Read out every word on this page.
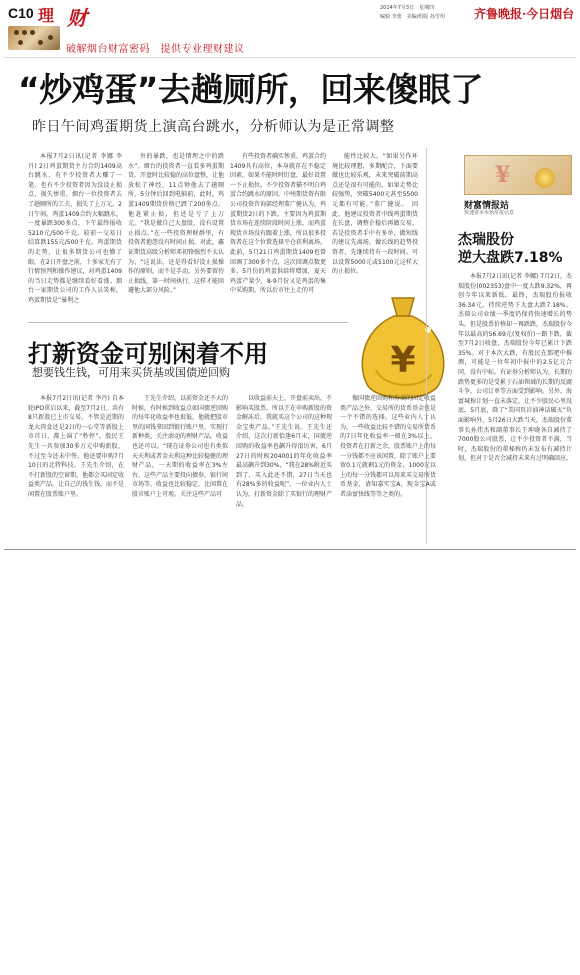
C10 理 财	2014年7月3日　星期四
编辑 李蕾　美编/组版 孙雪玥 齐鲁晚报·今日烟台
破解烟台财富密码　提供专业理财建议
“炒鸡蛋”去趟厕所，回来傻眼了
昨日午间鸡蛋期货上演高台跳水，分析师认为是正常调整

本报7月2日讯(记者 李娜 李丹) 2日鸡蛋期货主力合约1409高台跳水，有不少投资者大赚了一笔，也有不少投资者因为没设止损点，损失惨重。烟台一位投资者去了趟厕所的工夫，损失了上万元。2日午间，鸡蛋1409合约大幅跳水，一度暴跌300多点，下午最终报收5210元/500千克。较前一交易日结算跌155元/500千克。鸡蛋期货的走势，让很多期货公司也懵了眼，在2日开盘之前，十多家无有了行情预判和操作建议，对鸡蛋1409的当日走势都是继续看好看涨。烟台一家期货公司的工作人员笑称，鸡蛋期货是“暴利之

外的暴跌，也是情理之中的跌水”。烟台的投资者一直看多鸡蛋期货，开盘时比较稳的高位盘整，让他放松了神经，11点钟他去了趟厕所，5分钟后回到电脑前，此时，鸡蛋1409期货价格已跌了200多点，他赶紧止损，但还是亏了上万元。“我是做自己大盘股，没有设置止损点。”在一些投资理财群里，有投资者抱怨没有时间止损，对此，鑫证期货高级分析师邓初锋强烈不太认为，“这说法，还是得看好设止损操作的原则，而不是手动，另外要留待止损线，第一时间执行，这样才能回避他大部分风险。”

有些投资者确实惨重，鸡蛋合约1409具有高位，本身就存在不稳定因素，如果不能时时盯盘，最好设置一下止损位。不少投资者猫不明白鸡蛋合约跳水的原因，中州期货资有限公司投资咨询部经理董广健认为，鸡蛋期货2日的下跌，主要因为鸡蛋期货市场在连续阶段时间上涨，而鸡蛋现货市场没有跟着上涨，所以很多投资者在这个位置选择平仓获利离场。此前，5月21日鸡蛋期货1409也曾回调了300多个点，这次回调点数更多，5月份的鸡蛋供给将增加，夏天鸡蛋产量少，8-9月份又是鸡蛋的集中采购期，所以后市往上走的可

能性比较大。“如果另作环境比较理想，多期配合，下面要做也比较乐观，未来突破前期高点还是很有可能的，如果走势比较强势，突破5400元甚至5500元都有可能。”董广健说。　因此，他建议投资者中线鸡蛋期货在长盘，调整企稳后再做交易，若是投资者手中有多单，做短线的建议先离场，做长线的趋势投资者，先继续持有一段时间。可以设置5000元或5100元这样大的止损位。

¥
¥
财富情报站
快速资本市场常报信息
杰瑞股份
逆大盘跌7.18%

本报7月2日讯(记者 李娜) 7月2日，杰瑞股份(002353)盘中一度大跌9.32%，再创今年以来新低。最终，杰瑞股份报收36.34元，持续逆势下大盘大跌7.18%。杰瑞公司业绩一季度仍保持快速增长的势头，但是股票价格却一再跌跌，杰瑞股份今年以最高的56.69元(复权价)一路下跌，截至7月2日收盘，杰瑞股份今年已累计下跌35%。对于本次大跌，有股民在那吧中推测，可能是一位年初中报中的2.5亿元合同，没有中标。有证券分析师认为，长期的跌势更多的是受累于石油领域的长期的反腐斗争，公司订单等方面受到影响。另外，海富城称计划一直未落定，让不少股民心里没底，5月底，除了“美国页岩油神话破灭”负面影响外，5月26日大跌当天，杰瑞股份董事长孙伟杰和副董事长王坤晓各自减持了7000股公司股票，让不少投资者不满，当时，杰瑞股份的董秘称仍未发布有减持计划，但对于是否会减持未来有过明确回应。

打新资金可别闲着不用
想要钱生钱，可用来买货基或国债逆回购

本报7月2日讯(记者 李丹) 自本轮IPO重启以来，截至7月2日，共有8只新股已上市交易，不管是近期的龙大肉食还是2日的一心堂等新股上市首日，都上演了“秒停”。股民王先生一共参加30多万元申购新股，不过至今还未中签，他还要申购7月10日的北特科技。王先生介绍，在不打新股的空窗期，他都会买固定收益类产品，让自己的钱生钱，而不是闲置在股票账户里。

王先生介绍，以前资金还不大的时候，有时候到收益点如国债逆回购的每年化收益率也很低，他就把股市里的闲钱拿回到银行账户里，实现打新种类，关注滚动的理财产品，收益也还可以。“现在证券公司也有类似天天利或者金天利这种比较稳健的理财产品，一天期的收益率在3%左右，这些产品主要投向债券，银行间市场等，收益也比较稳定，比闲置在股市账户上可观。关注这些产品可

以收益前天上，开盘前卖出，不影响买股票，所以王在申购新股的资金解冻后，我就买这个公司的这种现金宝类产品。”王先生说。王先生还介绍，这次打新恰逢6月末，国债逆回购的收益率也飙升得很厉害，6月27日的时候204001的年化收益率最高飙升到30%，“我在28%附近买到了，买入此还不错，27日当天也有28%多的收益呢”。一位业内人士认为，打新资金除了买银行的理财产品，

像国债逆回购和券商的固定收益类产品之外，交易所的货币基金也是一个不错的选择。这些业内人士认为，一些收益比较不错的交易所货币的7日年化收益率一般在3%以上，投资者在打新之余，股票账户上的每一分钱都不应该闲置，除了账户上要留0.1元就剩1元的资金，1000元以上的每一分钱都可以用来买交易所货币基金，请知嘉实宝A、现金宝A或者添富快线等等之类的。
